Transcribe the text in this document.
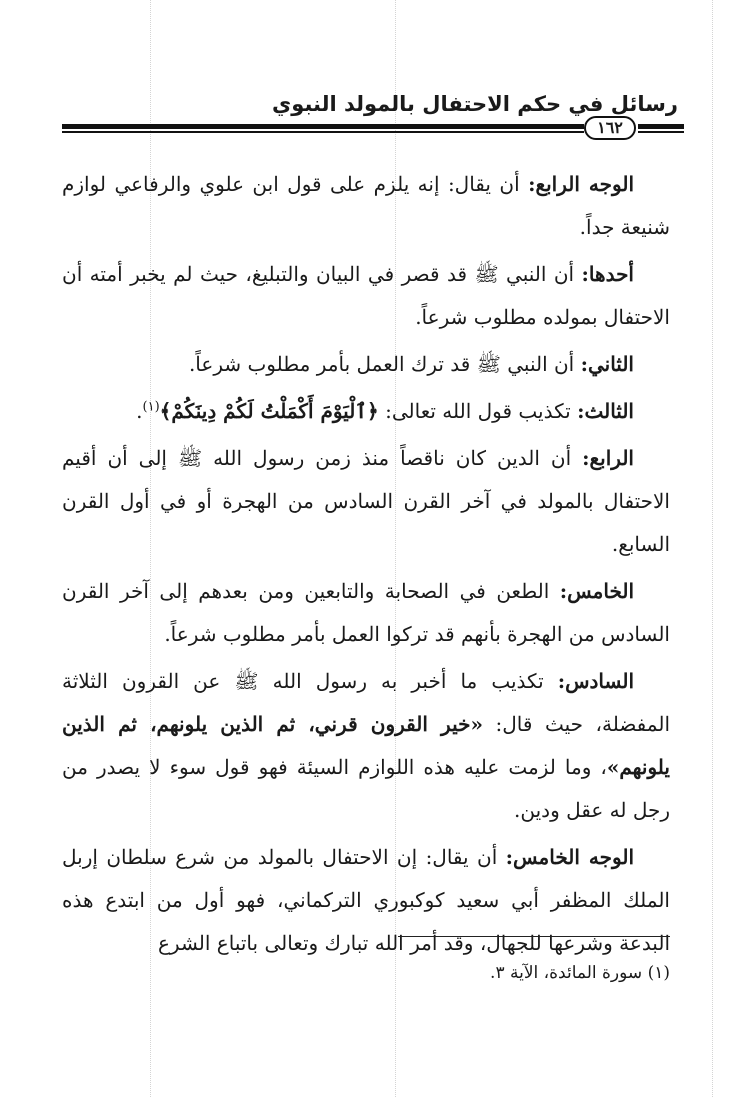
رسائل في حكم الاحتفال بالمولد النبوي
١٦٢

الوجه الرابع: أن يقال: إنه يلزم على قول ابن علوي والرفاعي لوازم شنيعة جداً.

أحدها: أن النبي ﷺ قد قصر في البيان والتبليغ، حيث لم يخبر أمته أن الاحتفال بمولده مطلوب شرعاً.

الثاني: أن النبي ﷺ قد ترك العمل بأمر مطلوب شرعاً.

الثالث: تكذيب قول الله تعالى: ﴿ٱلْيَوْمَ أَكْمَلْتُ لَكُمْ دِينَكُمْ﴾$^{(١)}$.

الرابع: أن الدين كان ناقصاً منذ زمن رسول الله ﷺ إلى أن أقيم الاحتفال بالمولد في آخر القرن السادس من الهجرة أو في أول القرن السابع.

الخامس: الطعن في الصحابة والتابعين ومن بعدهم إلى آخر القرن السادس من الهجرة بأنهم قد تركوا العمل بأمر مطلوب شرعاً.

السادس: تكذيب ما أخبر به رسول الله ﷺ عن القرون الثلاثة المفضلة، حيث قال: «خير القرون قرني، ثم الذين يلونهم، ثم الذين يلونهم»، وما لزمت عليه هذه اللوازم السيئة فهو قول سوء لا يصدر من رجل له عقل ودين.

الوجه الخامس: أن يقال: إن الاحتفال بالمولد من شرع سلطان إربل الملك المظفر أبي سعيد كوكبوري التركماني، فهو أول من ابتدع هذه البدعة وشرعها للجهال، وقد أمر الله تبارك وتعالى باتباع الشرع

(١) سورة المائدة، الآية ٣.
